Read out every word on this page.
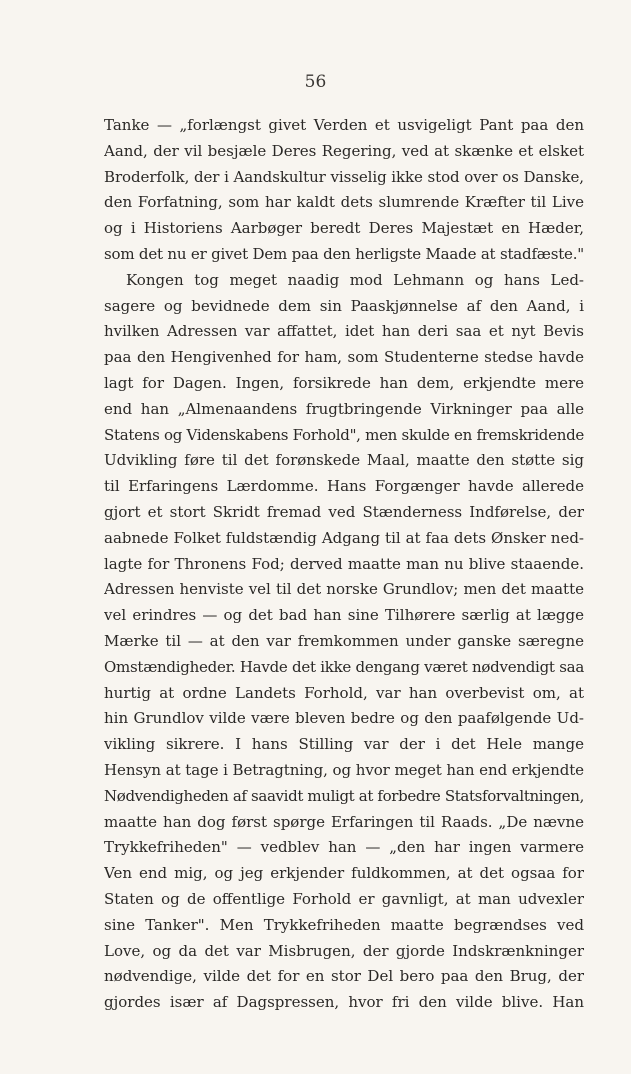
56
Tanke — „forlængst givet Verden et usvigeligt Pant paa den
Aand, der vil besjæle Deres Regering, ved at skænke et elsket
Broderfolk, der i Aandskultur visselig ikke stod over os Danske,
den Forfatning, som har kaldt dets slumrende Kræfter til Live
og i Historiens Aarbøger beredt Deres Majestæt en Hæder,
som det nu er givet Dem paa den herligste Maade at stadfæste."
Kongen tog meget naadig mod Lehmann og hans Led-
sagere og bevidnede dem sin Paaskjønnelse af den Aand, i
hvilken Adressen var affattet, idet han deri saa et nyt Bevis
paa den Hengivenhed for ham, som Studenterne stedse havde
lagt for Dagen. Ingen, forsikrede han dem, erkjendte mere
end han „Almenaandens frugtbringende Virkninger paa alle
Statens og Videnskabens Forhold", men skulde en fremskridende
Udvikling føre til det forønskede Maal, maatte den støtte sig
til Erfaringens Lærdomme. Hans Forgænger havde allerede
gjort et stort Skridt fremad ved Stænderness Indførelse, der
aabnede Folket fuldstændig Adgang til at faa dets Ønsker ned-
lagte for Thronens Fod; derved maatte man nu blive staaende.
Adressen henviste vel til det norske Grundlov; men det maatte
vel erindres — og det bad han sine Tilhørere særlig at lægge
Mærke til — at den var fremkommen under ganske særegne
Omstændigheder. Havde det ikke dengang været nødvendigt saa
hurtig at ordne Landets Forhold, var han overbevist om, at
hin Grundlov vilde være bleven bedre og den paafølgende Ud-
vikling sikrere. I hans Stilling var der i det Hele mange
Hensyn at tage i Betragtning, og hvor meget han end erkjendte
Nødvendigheden af saavidt muligt at forbedre Statsforvaltningen,
maatte han dog først spørge Erfaringen til Raads. „De nævne
Trykkefriheden" — vedblev han — „den har ingen varmere
Ven end mig, og jeg erkjender fuldkommen, at det ogsaa for
Staten og de offentlige Forhold er gavnligt, at man udvexler
sine Tanker". Men Trykkefriheden maatte begrændses ved
Love, og da det var Misbrugen, der gjorde Indskrænkninger
nødvendige, vilde det for en stor Del bero paa den Brug, der
gjordes især af Dagspressen, hvor fri den vilde blive. Han
